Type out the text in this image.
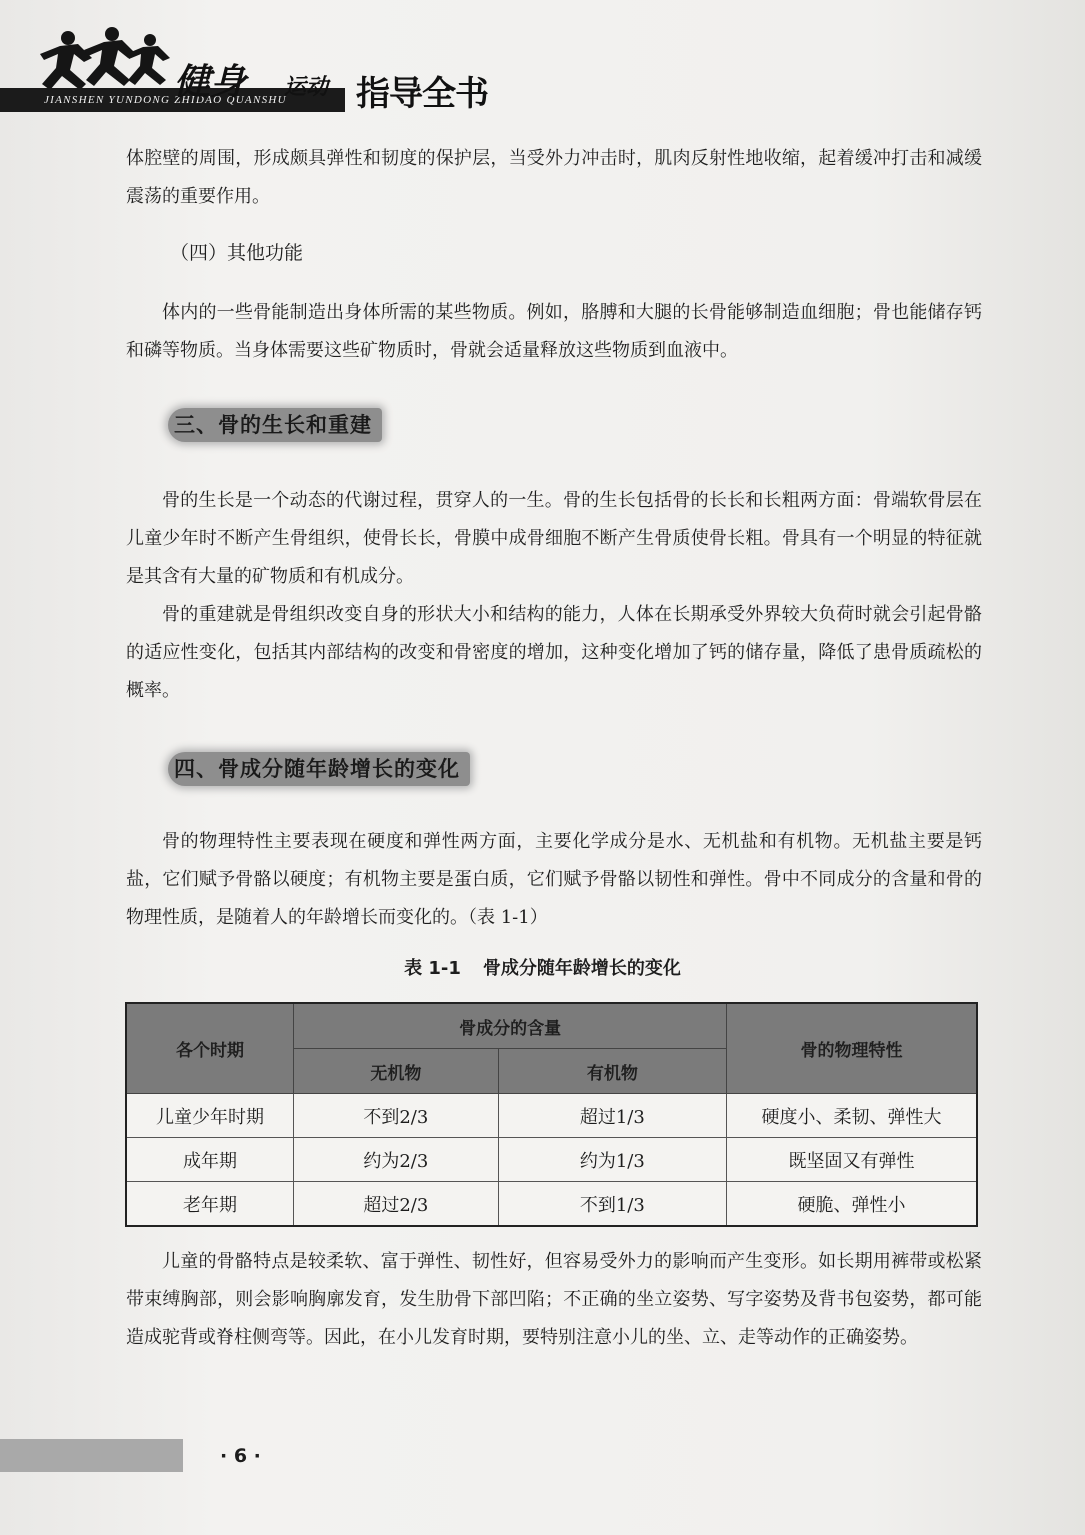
JIANSHEN YUNDONG ZHIDAO QUANSHU
健身 运动 指导全书

体腔壁的周围，形成颇具弹性和韧度的保护层，当受外力冲击时，肌肉反射性地收缩，起着缓冲打击和减缓震荡的重要作用。

（四）其他功能

体内的一些骨能制造出身体所需的某些物质。例如，胳膊和大腿的长骨能够制造血细胞；骨也能储存钙和磷等物质。当身体需要这些矿物质时，骨就会适量释放这些物质到血液中。

三、骨的生长和重建

骨的生长是一个动态的代谢过程，贯穿人的一生。骨的生长包括骨的长长和长粗两方面：骨端软骨层在儿童少年时不断产生骨组织，使骨长长，骨膜中成骨细胞不断产生骨质使骨长粗。骨具有一个明显的特征就是其含有大量的矿物质和有机成分。

骨的重建就是骨组织改变自身的形状大小和结构的能力，人体在长期承受外界较大负荷时就会引起骨骼的适应性变化，包括其内部结构的改变和骨密度的增加，这种变化增加了钙的储存量，降低了患骨质疏松的概率。

四、骨成分随年龄增长的变化

骨的物理特性主要表现在硬度和弹性两方面，主要化学成分是水、无机盐和有机物。无机盐主要是钙盐，它们赋予骨骼以硬度；有机物主要是蛋白质，它们赋予骨骼以韧性和弹性。骨中不同成分的含量和骨的物理性质，是随着人的年龄增长而变化的。（表 1-1）

表 1-1 骨成分随年龄增长的变化

各个时期	骨成分的含量		骨的物理特性
	无机物	有机物	
儿童少年时期	不到2/3	超过1/3	硬度小、柔韧、弹性大
成年期	约为2/3	约为1/3	既坚固又有弹性
老年期	超过2/3	不到1/3	硬脆、弹性小

儿童的骨骼特点是较柔软、富于弹性、韧性好，但容易受外力的影响而产生变形。如长期用裤带或松紧带束缚胸部，则会影响胸廓发育，发生肋骨下部凹陷；不正确的坐立姿势、写字姿势及背书包姿势，都可能造成驼背或脊柱侧弯等。因此，在小儿发育时期，要特别注意小儿的坐、立、走等动作的正确姿势。

· 6 ·
